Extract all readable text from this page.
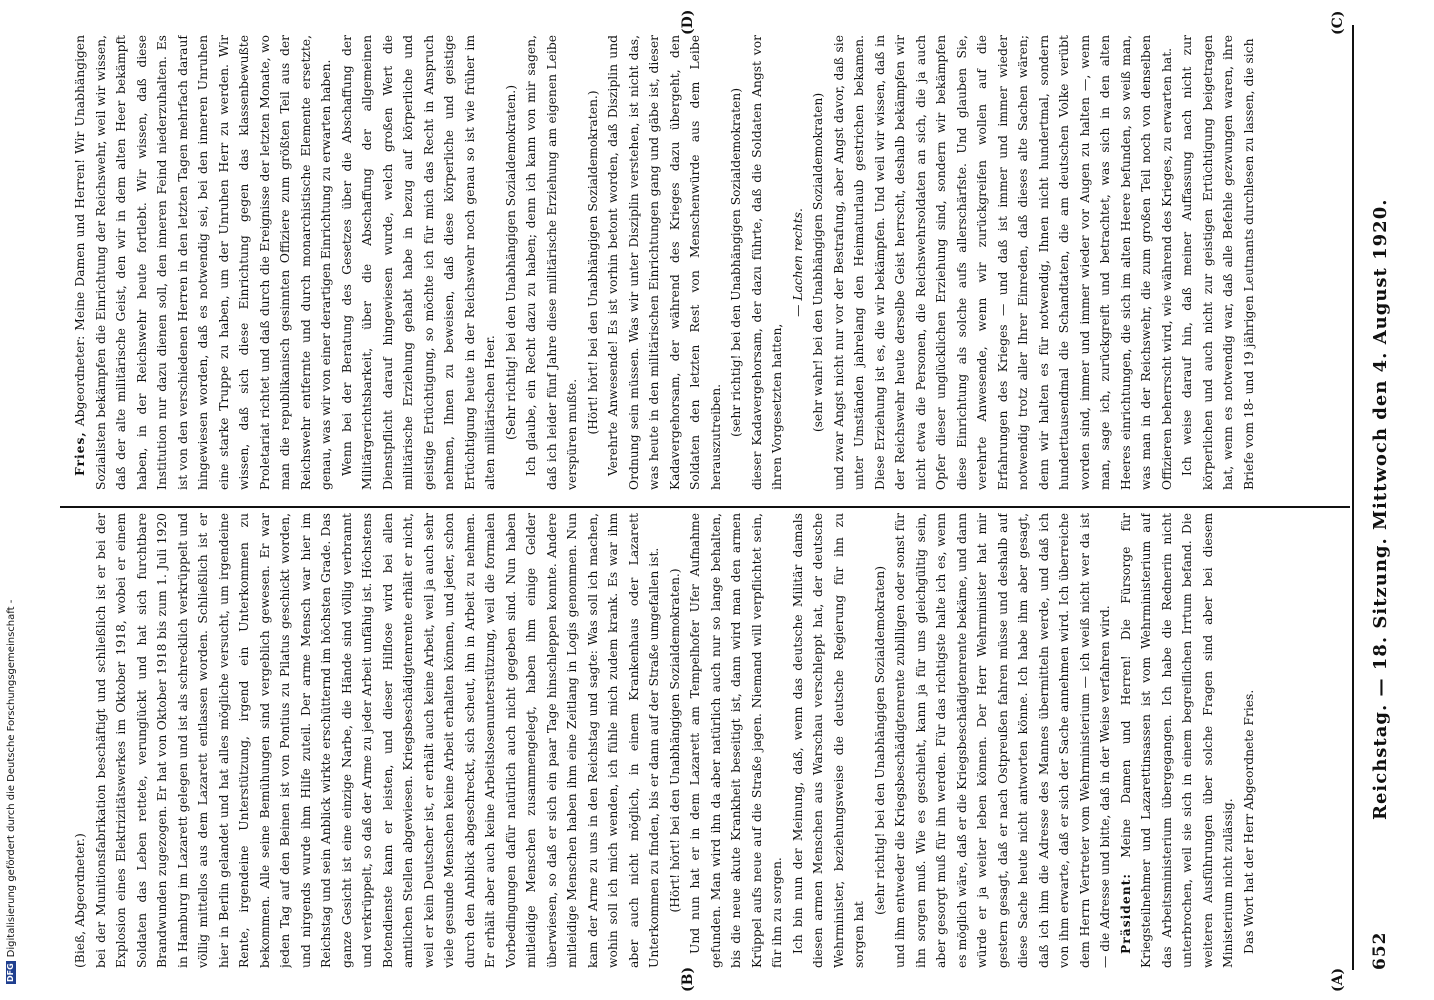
652
Reichstag. — 18. Sitzung. Mittwoch den 4. August 1920.
(A)
(B)
(C)
(D)

(Bieß, Abgeordneter.) bei der Munitionsfabrikation beschäftigt und schließlich ist er bei der Explosion eines Elektrizitätswerkes im Oktober 1918, wobei er einem Soldaten das Leben rettete, verunglückt und hat sich furchtbare Brandwunden zugezogen. Er hat von Oktober 1918 bis zum 1. Juli 1920 in Hamburg im Lazarett gelegen und ist als schrecklich verkrüppelt und völlig mittellos aus dem Lazarett entlassen worden. Schließlich ist er hier in Berlin gelandet und hat alles mögliche versucht, um irgendeine Rente, irgendeine Unterstützung, irgend ein Unterkommen zu bekommen. Alle seine Bemühungen sind vergeblich gewesen. Er war jeden Tag auf den Beinen ist von Pontius zu Pilatus geschickt worden, und nirgends wurde ihm Hilfe zuteil. Der arme Mensch war hier im Reichstag und sein Anblick wirkte erschütternd im höchsten Grade. Das ganze Gesicht ist eine einzige Narbe, die Hände sind völlig verbrannt und verkrüppelt, so daß der Arme zu jeder Arbeit unfähig ist. Höchstens Botendienste kann er leisten, und dieser Hilflose wird bei allen amtlichen Stellen abgewiesen. Kriegsbeschädigtenrente erhält er nicht, weil er kein Deutscher ist, er erhält auch keine Arbeit, weil ja auch sehr viele gesunde Menschen keine Arbeit erhalten können, und jeder, schon durch den Anblick abgeschreckt, sich scheut, ihn in Arbeit zu nehmen. Er erhält aber auch keine Arbeitslosenunterstützung, weil die formalen Vorbedingungen dafür natürlich auch nicht gegeben sind. Nun haben mitleidige Menschen zusammengelegt, haben ihm einige Gelder überwiesen, so daß er sich ein paar Tage hinschleppen konnte. Andere mitleidige Menschen haben ihm eine Zeitlang in Logis genommen. Nun kam der Arme zu uns in den Reichstag und sagte: Was soll ich machen, wohin soll ich mich wenden, ich fühle mich zudem krank. Es war ihm aber auch nicht möglich, in einem Krankenhaus oder Lazarett Unterkommen zu finden, bis er dann auf der Straße umgefallen ist. (Hört! hört! bei den Unabhängigen Sozialdemokraten.) Und nun hat er in dem Lazarett am Tempelhofer Ufer Aufnahme gefunden. Man wird ihn da aber natürlich auch nur so lange behalten, bis die neue akute Krankheit beseitigt ist, dann wird man den armen Krüppel aufs neue auf die Straße jagen. Niemand will verpflichtet sein, für ihn zu sorgen. Ich bin nun der Meinung, daß, wenn das deutsche Militär damals diesen armen Menschen aus Warschau verschleppt hat, der deutsche Wehrminister, beziehungsweise die deutsche Regierung für ihn zu sorgen hat

(sehr richtig! bei den Unabhängigen Sozialdemokraten) und ihm entweder die Kriegsbeschädigtenrente zubilligen oder sonst für ihn sorgen muß. Wie es geschieht, kann ja für uns gleichgültig sein, aber gesorgt muß für ihn werden. Für das richtigste halte ich es, wenn es möglich wäre, daß er die Kriegsbeschädigtenrente bekäme, und dann würde er ja weiter leben können. Der Herr Wehrminister hat mir gestern gesagt, daß er nach Ostpreußen fahren müsse und deshalb auf diese Sache heute nicht antworten könne. Ich habe ihm aber gesagt, daß ich ihm die Adresse des Mannes übermitteln werde, und daß ich von ihm erwarte, daß er sich der Sache annehmen wird. Ich überreiche dem Herrn Vertreter vom Wehrministerium — ich weiß nicht wer da ist — die Adresse und bitte, daß in der Weise verfahren wird. Präsident: Meine Damen und Herren! Die Fürsorge für Kriegsteilnehmer und Lazarettinsassen ist vom Wehrministerium auf das Arbeitsministerium übergegangen. Ich habe die Rednerin nicht unterbrochen, weil sie sich in einem begreiflichen Irrtum befand. Die weiteren Ausführungen über solche Fragen sind aber bei diesem Ministerium nicht zulässig. Das Wort hat der Herr Abgeordnete Fries.

Fries, Abgeordneter: Meine Damen und Herren! Wir Unabhängigen Sozialisten bekämpfen die Einrichtung der Reichswehr, weil wir wissen, daß der alte militärische Geist, den wir in dem alten Heer bekämpft haben, in der Reichswehr heute fortlebt. Wir wissen, daß diese Institution nur dazu dienen soll, den inneren Feind niederzuhalten. Es ist von den verschiedenen Herren in den letzten Tagen mehrfach darauf hingewiesen worden, daß es notwendig sei, bei den inneren Unruhen eine starke Truppe zu haben, um der Unruhen Herr zu werden. Wir wissen, daß sich diese Einrichtung gegen das klassenbewußte Proletariat richtet und daß durch die Ereignisse der letzten Monate, wo man die republikanisch gesinnten Offiziere zum größten Teil aus der Reichswehr entfernte und durch monarchistische Elemente ersetzte, genau, was wir von einer derartigen Einrichtung zu erwarten haben. Wenn bei der Beratung des Gesetzes über die Abschaffung der Militärgerichtsbarkeit, über die Abschaffung der allgemeinen Dienstpflicht darauf hingewiesen wurde, welch großen Wert die militärische Erziehung gehabt habe in bezug auf körperliche und geistige Ertüchtigung, so möchte ich für mich das Recht in Anspruch nehmen, Ihnen zu beweisen, daß diese körperliche und geistige Ertüchtigung heute in der Reichswehr noch genau so ist wie früher im alten militärischen Heer. (Sehr richtig! bei den Unabhängigen Sozialdemokraten.) Ich glaube, ein Recht dazu zu haben; denn ich kann von mir sagen, daß ich leider fünf Jahre diese militärische Erziehung am eigenen Leibe verspüren mußte. (Hört! hört! bei den Unabhängigen Sozialdemokraten.) Verehrte Anwesende! Es ist vorhin betont worden, daß Disziplin und Ordnung sein müssen. Was wir unter Disziplin verstehen, ist nicht das, was heute in den militärischen Einrichtungen gang und gäbe ist, dieser Kadavergehorsam, der während des Krieges dazu übergeht, den Soldaten den letzten Rest von Menschenwürde aus dem Leibe herauszutreiben. (sehr richtig! bei den Unabhängigen Sozialdemokraten) dieser Kadavergehorsam, der dazu führte, daß die Soldaten Angst vor ihren Vorgesetzten hatten,

— Lachen rechts. (sehr wahr! bei den Unabhängigen Sozialdemokraten) und zwar Angst nicht nur vor der Bestrafung, aber Angst davor, daß sie unter Umständen jahrelang den Heimaturlaub gestrichen bekamen. Diese Erziehung ist es, die wir bekämpfen. Und weil wir wissen, daß in der Reichswehr heute derselbe Geist herrscht, deshalb bekämpfen wir nicht etwa die Personen, die Reichswehrsoldaten an sich, die ja auch Opfer dieser unglücklichen Erziehung sind, sondern wir bekämpfen diese Einrichtung als solche aufs allerschärfste. Und glauben Sie, verehrte Anwesende, wenn wir zurückgreifen wollen auf die Erfahrungen des Krieges — und daß ist immer und immer wieder notwendig trotz aller Ihrer Einreden, daß dieses alte Sachen wären; denn wir halten es für notwendig, Ihnen nicht hundertmal, sondern hunderttausendmal die Schandtaten, die am deutschen Volke verübt worden sind, immer und immer wieder vor Augen zu halten —, wenn man, sage ich, zurückgreift und betrachtet, was sich in den alten Heeres einrichtungen, die sich im alten Heere befunden, so weiß man, was man in der Reichswehr, die zum großen Teil noch von denselben Offizieren beherrscht wird, wie während des Krieges, zu erwarten hat. Ich weise darauf hin, daß meiner Auffassung nach nicht zur körperlichen und auch nicht zur geistigen Ertüchtigung beigetragen hat, wenn es notwendig war, daß alle Befehle gezwungen waren, ihre Briefe vom 18- und 19 jährigen Leutnants durchlesen zu lassen, die sich

DFGDigitalisierung gefördert durch die Deutsche Forschungsgemeinschaft -
